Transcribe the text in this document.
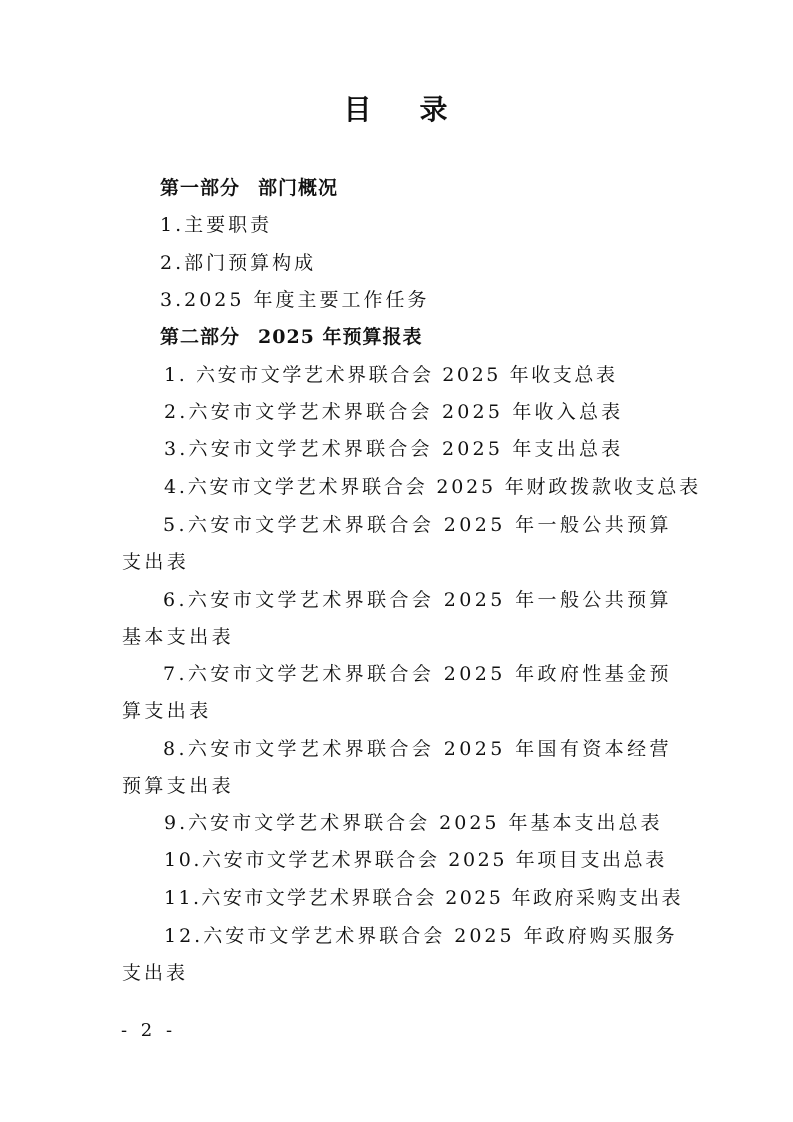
目 录
第一部分 部门概况
1.主要职责
2.部门预算构成
3.2025 年度主要工作任务
第二部分 2025 年预算报表
1. 六安市文学艺术界联合会 2025 年收支总表
2.六安市文学艺术界联合会 2025 年收入总表
3.六安市文学艺术界联合会 2025 年支出总表
4.六安市文学艺术界联合会 2025 年财政拨款收支总表
5.六安市文学艺术界联合会 2025 年一般公共预算支出表
6.六安市文学艺术界联合会 2025 年一般公共预算基本支出表
7.六安市文学艺术界联合会 2025 年政府性基金预算支出表
8.六安市文学艺术界联合会 2025 年国有资本经营预算支出表
9.六安市文学艺术界联合会 2025 年基本支出总表
10.六安市文学艺术界联合会 2025 年项目支出总表
11.六安市文学艺术界联合会 2025 年政府采购支出表
12.六安市文学艺术界联合会 2025 年政府购买服务支出表
- 2 -
